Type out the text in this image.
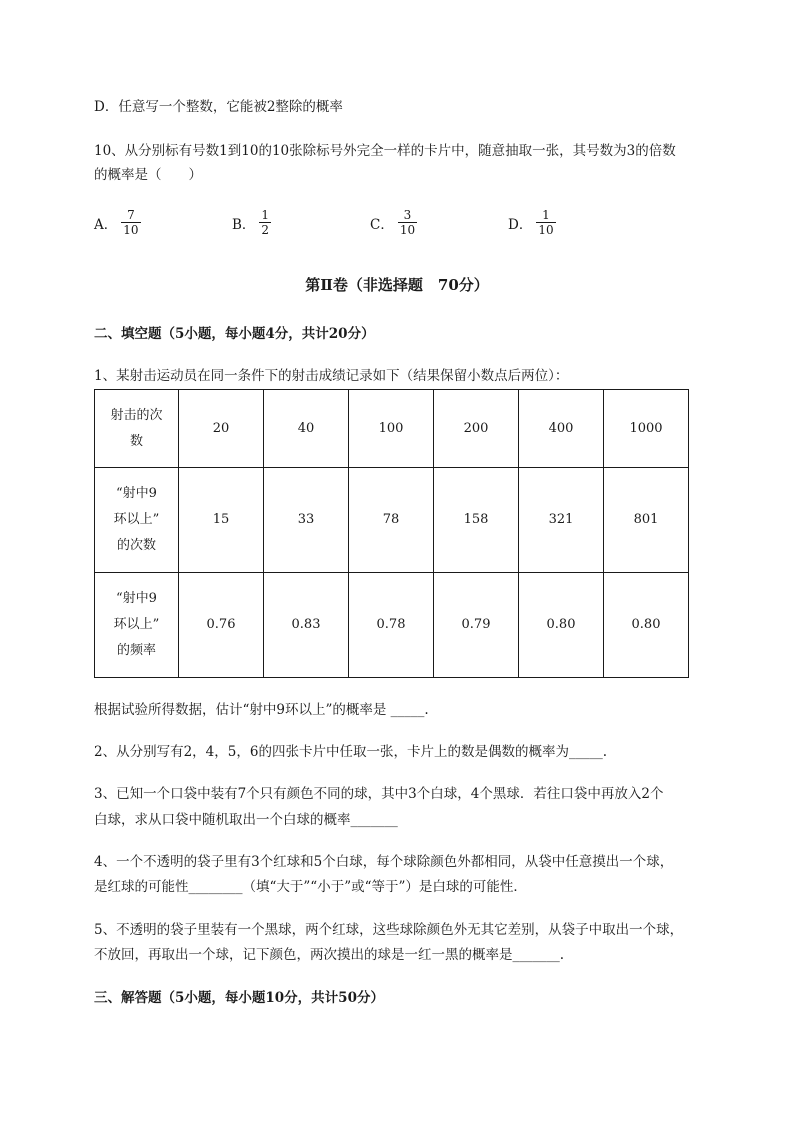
D．任意写一个整数，它能被2整除的概率
10、从分别标有号数1到10的10张除标号外完全一样的卡片中，随意抽取一张，其号数为3的倍数
的概率是（　　）
A． $\frac{7}{10}$	B． $\frac{1}{2}$	C． $\frac{3}{10}$	D． $\frac{1}{10}$
第Ⅱ卷（非选择题　70分）
二、填空题（5小题，每小题4分，共计20分）
1、某射击运动员在同一条件下的射击成绩记录如下（结果保留小数点后两位）：
射击的次
数	20	40	100	200	400	1000

“射中9
环以上”
的次数	15	33	78	158	321	801

“射中9
环以上”
的频率	0.76	0.83	0.78	0.79	0.80	0.80
根据试验所得数据，估计“射中9环以上”的概率是 _____.
2、从分别写有2，4，5，6的四张卡片中任取一张，卡片上的数是偶数的概率为_____.
3、已知一个口袋中装有7个只有颜色不同的球，其中3个白球，4个黑球．若往口袋中再放入2个
白球，求从口袋中随机取出一个白球的概率_______
4、一个不透明的袋子里有3个红球和5个白球，每个球除颜色外都相同，从袋中任意摸出一个球，
是红球的可能性________（填“大于”“小于”或“等于”）是白球的可能性．
5、不透明的袋子里装有一个黑球，两个红球，这些球除颜色外无其它差别，从袋子中取出一个球，
不放回，再取出一个球，记下颜色，两次摸出的球是一红一黑的概率是_______.
三、解答题（5小题，每小题10分，共计50分）
